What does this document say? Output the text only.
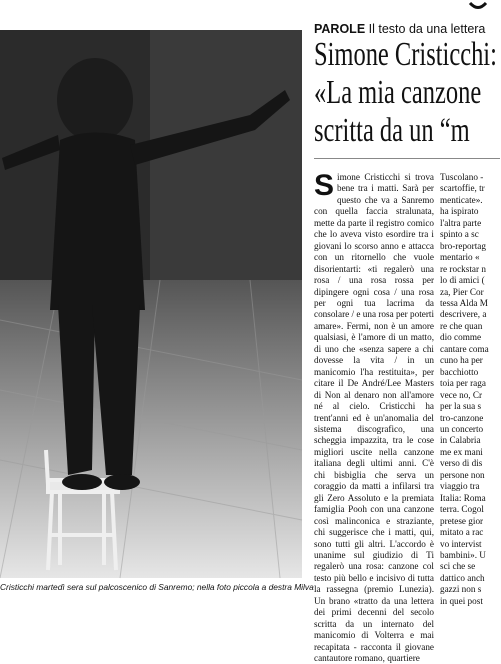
Cristicchi martedì sera sul palcoscenico di Sanremo; nella foto piccola a destra Milva
PAROLE Il testo da una lettera
Simone Cristicchi:
«La mia canzone
scritta da un “m
S imone Cristicchi si trova bene tra i matti. Sarà per questo che va a Sanremo con quella faccia stralunata, mette da parte il registro comico che lo aveva visto esordire tra i giovani lo scorso anno e attacca con un ritornello che vuole disorientarti: «ti regalerò una rosa / una rosa rossa per dipingere ogni cosa / una rosa per ogni tua lacrima da consolare / e una rosa per poterti amare». Fermi, non è un amore qualsiasi, è l'amore di un matto, di uno che «senza sapere a chi dovesse la vita / in un manicomio l'ha restituita», per citare il De André/Lee Masters di Non al denaro non all'amore né al cielo. Cristicchi ha trent'anni ed è un'anomalia del sistema discografico, una scheggia impazzita, tra le cose migliori uscite nella canzone italiana degli ultimi anni. C'è chi bisbiglia che serva un coraggio da matti a infilarsi tra gli Zero Assoluto e la premiata famiglia Pooh con una canzone così malinconica e straziante, chi suggerisce che i matti, qui, sono tutti gli altri. L'accordo è unanime sul giudizio di Ti regalerò una rosa: canzone col testo più bello e incisivo di tutta la rassegna (premio Lunezia). Un brano «tratto da una lettera dei primi decenni del secolo scritta da un internato del manicomio di Volterra e mai recapitata - racconta il giovane cantautore romano, quartiere

Tuscolano -
scartoffie, tr
menticate».
ha ispirato
l'altra parte
spinto a sc
bro-reportag
mentario «
re rockstar n
lo di amici (
za, Pier Cor
tessa Alda M
descrivere, a
re che quan
dio comme
cantare coma
cuno ha per
bacchiotto
toia per raga
vece no, Cr
per la sua s
tro-canzone
un concerto
in Calabria
me ex mani
verso di dis
persone non
viaggio tra
Italia: Roma
terra. Cogol
pretese gior
mitato a rac
vo intervist
bambini». U
sci che se
dattico anch
gazzi non s
in quei post
